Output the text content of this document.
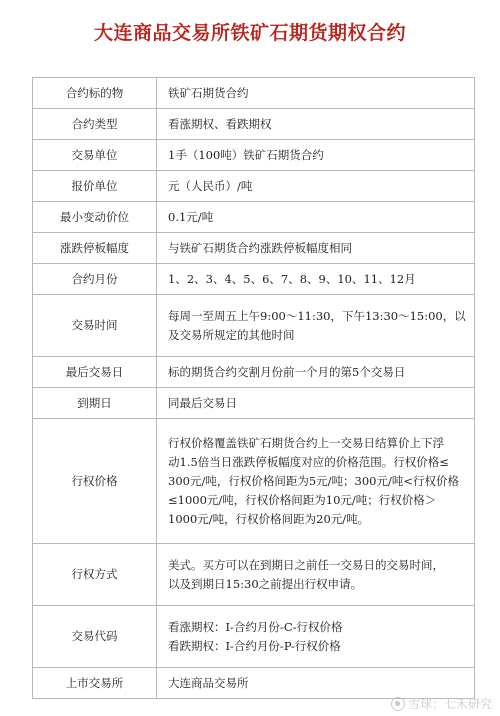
大连商品交易所铁矿石期货期权合约
合约标的物	铁矿石期货合约

合约类型	看涨期权、看跌期权

交易单位	1手（100吨）铁矿石期货合约

报价单位	元（人民币）/吨

最小变动价位	0.1元/吨

涨跌停板幅度	与铁矿石期货合约涨跌停板幅度相同

合约月份	1、2、3、4、5、6、7、8、9、10、11、12月

交易时间	每周一至周五上午9:00～11:30，下午13:30～15:00，以
及交易所规定的其他时间

最后交易日	标的期货合约交割月份前一个月的第5个交易日

到期日	同最后交易日

行权价格	行权价格覆盖铁矿石期货合约上一交易日结算价上下浮
动1.5倍当日涨跌停板幅度对应的价格范围。行权价格≤
300元/吨，行权价格间距为5元/吨；300元/吨<行权价格
≤1000元/吨，行权价格间距为10元/吨；行权价格＞
1000元/吨，行权价格间距为20元/吨。

行权方式	美式。买方可以在到期日之前任一交易日的交易时间，
以及到期日15:30之前提出行权申请。

交易代码	看涨期权：I-合约月份-C-行权价格
看跌期权：I-合约月份-P-行权价格

上市交易所	大连商品交易所
雪球：七禾研究
